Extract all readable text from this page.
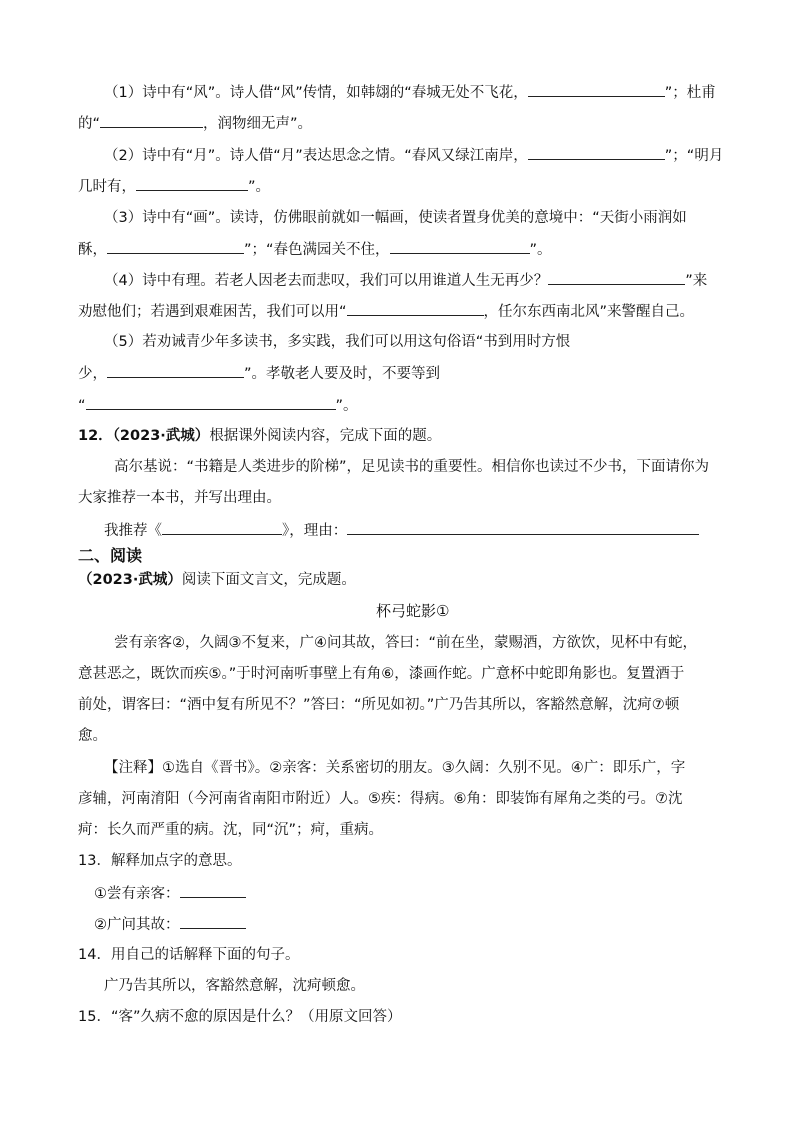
（1）诗中有“风”。诗人借“风”传情，如韩翃的“春城无处不飞花，	”；杜甫
的“	，润物细无声”。
（2）诗中有“月”。诗人借“月”表达思念之情。“春风又绿江南岸，	”；“明月
几时有，	”。
（3）诗中有“画”。读诗，仿佛眼前就如一幅画，使读者置身优美的意境中：“天街小雨润如
酥，	”；“春色满园关不住，	”。
（4）诗中有理。若老人因老去而悲叹，我们可以用谁道人生无再少？	”来
劝慰他们；若遇到艰难困苦，我们可以用“	，任尔东西南北风”来警醒自己。
（5）若劝诫青少年多读书，多实践，我们可以用这句俗语“书到用时方恨
少，	”。孝敬老人要及时，不要等到
“	”。
12．（2023·武城）根据课外阅读内容，完成下面的题。
高尔基说：“书籍是人类进步的阶梯”，足见读书的重要性。相信你也读过不少书，下面请你为
大家推荐一本书，并写出理由。
我推荐《	》，理由：
二、阅读
（2023·武城）阅读下面文言文，完成题。
杯弓蛇影①
尝有亲客②，久阔③不复来，广④问其故，答曰：“前在坐，蒙赐酒，方欲饮，见杯中有蛇，
意甚恶之，既饮而疾⑤。”于时河南听事壁上有角⑥，漆画作蛇。广意杯中蛇即角影也。复置酒于
前处，谓客曰：“酒中复有所见不？”答曰：“所见如初。”广乃告其所以，客豁然意解，沈疴⑦顿
愈。
【注释】①选自《晋书》。②亲客：关系密切的朋友。③久阔：久别不见。④广：即乐广，字
彦辅，河南淯阳（今河南省南阳市附近）人。⑤疾：得病。⑥角：即装饰有犀角之类的弓。⑦沈
疴：长久而严重的病。沈，同“沉”；疴，重病。
13．解释加点字的意思。
①尝有亲客：
②广问其故：
14．用自己的话解释下面的句子。
广乃告其所以，客豁然意解，沈疴顿愈。
15．“客”久病不愈的原因是什么？（用原文回答）
